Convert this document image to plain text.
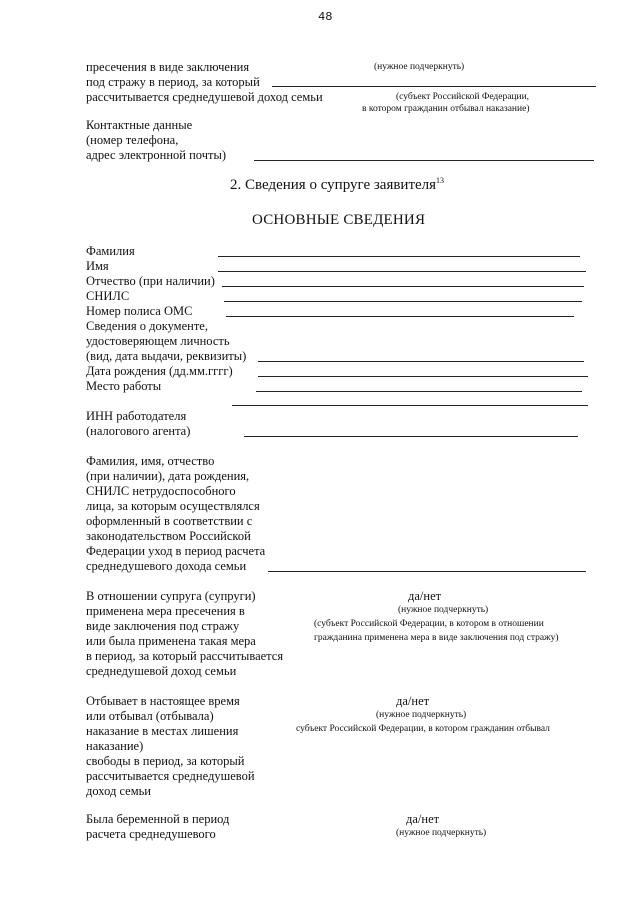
48
пресечения в виде заключения	(нужное подчеркнуть)
под стражу в период, за который
рассчитывается среднедушевой доход семьи	(субъект Российской Федерации,
в котором гражданин отбывал наказание)
Контактные данные
(номер телефона,
адрес электронной почты)
2. Сведения о супруге заявителя$^{13}$
ОСНОВНЫЕ СВЕДЕНИЯ
Фамилия
Имя
Отчество (при наличии)
СНИЛС
Номер полиса ОМС
Сведения о документе,
удостоверяющем личность
(вид, дата выдачи, реквизиты)
Дата рождения (дд.мм.гггг)
Место работы
ИНН работодателя
(налогового агента)
Фамилия, имя, отчество
(при наличии), дата рождения,
СНИЛС нетрудоспособного
лица, за которым осуществлялся
оформленный в соответствии с
законодательством Российской
Федерации уход в период расчета
среднедушевого дохода семьи
В отношении супруга (супруги)
применена мера пресечения в
виде заключения под стражу
или была применена такая мера
в период, за который рассчитывается
среднедушевой доход семьи
да/нет
(нужное подчеркнуть)
(субъект Российской Федерации, в котором в отношении
гражданина применена мера в виде заключения под стражу)
Отбывает в настоящее время
или отбывал (отбывала)
наказание в местах лишения
наказание)
свободы в период, за который
рассчитывается среднедушевой
доход семьи
да/нет
(нужное подчеркнуть)
субъект Российской Федерации, в котором гражданин отбывал
Была беременной в период
расчета среднедушевого
да/нет
(нужное подчеркнуть)
